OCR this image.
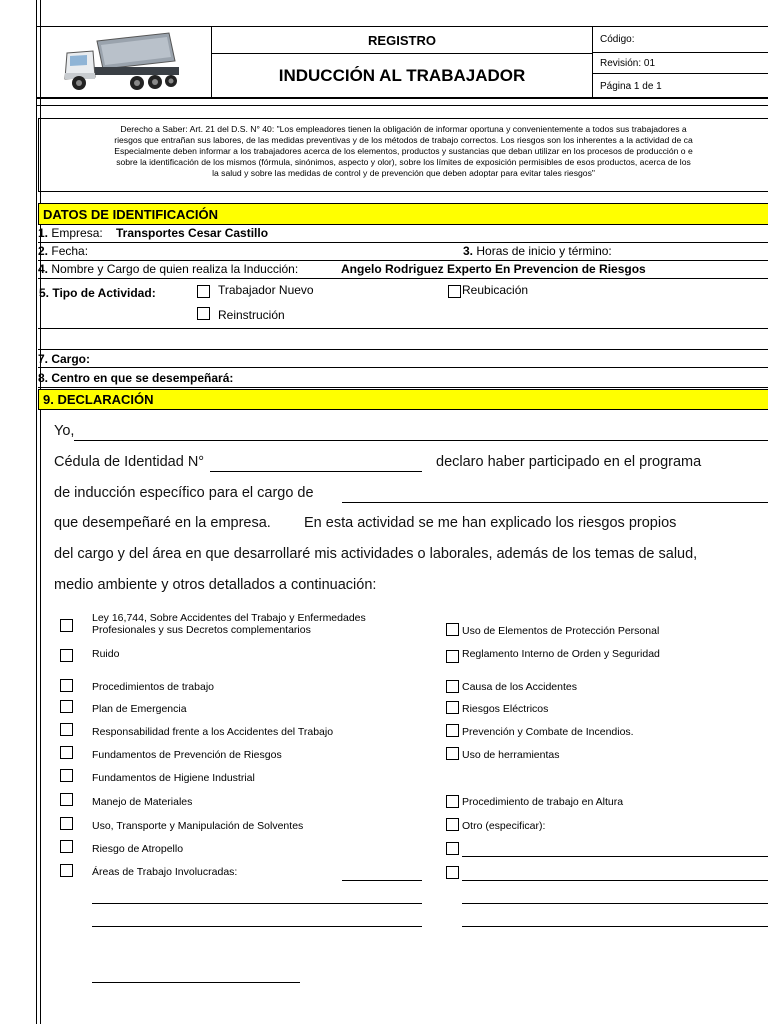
REGISTRO
INDUCCIÓN AL TRABAJADOR
Código:
Revisión: 01
Página 1 de 1
Derecho a Saber: Art. 21 del D.S. N° 40: "Los empleadores tienen la obligación de informar oportuna y convenientemente a todos sus trabajadores a
riesgos que entrañan sus labores, de las medidas preventivas y de los métodos de trabajo correctos. Los riesgos son los inherentes a la actividad de ca
Especialmente deben informar a los trabajadores acerca de los elementos, productos y sustancias que deban utilizar en los procesos de producción o e
sobre la identificación de los mismos (fórmula, sinónimos, aspecto y olor), sobre los límites de exposición permisibles de esos productos, acerca de los
la salud y sobre las medidas de control y de prevención que deben adoptar para evitar tales riesgos"
DATOS DE IDENTIFICACIÓN
1. Empresa: Transportes Cesar Castillo
2. Fecha:	3. Horas de inicio y término:
4. Nombre y Cargo de quien realiza la Inducción:	Angelo Rodriguez Experto En Prevencion de Riesgos
5. Tipo de Actividad:	Trabajador Nuevo	Reubicación
Reinstrución
7. Cargo:
8. Centro en que se desempeñará:
9. DECLARACIÓN
Yo,
Cédula de Identidad N°	declaro haber participado en el programa
de inducción específico para el cargo de
que desempeñaré en la empresa. En esta actividad se me han explicado los riesgos propios
del cargo y del área en que desarrollaré mis actividades o laborales, además de los temas de salud,
medio ambiente y otros detallados a continuación:
Ley 16,744, Sobre Accidentes del Trabajo y Enfermedades
Profesionales y sus Decretos complementarios
Ruido
Procedimientos de trabajo
Plan de Emergencia
Responsabilidad frente a los Accidentes del Trabajo
Fundamentos de Prevención de Riesgos
Fundamentos de Higiene Industrial
Manejo de Materiales
Uso, Transporte y Manipulación de Solventes
Riesgo de Atropello
Áreas de Trabajo Involucradas:
Uso de Elementos de Protección Personal
Reglamento Interno de Orden y Seguridad
Causa de los Accidentes
Riesgos Eléctricos
Prevención y Combate de Incendios.
Uso de herramientas
Procedimiento de trabajo en Altura
Otro (especificar):
